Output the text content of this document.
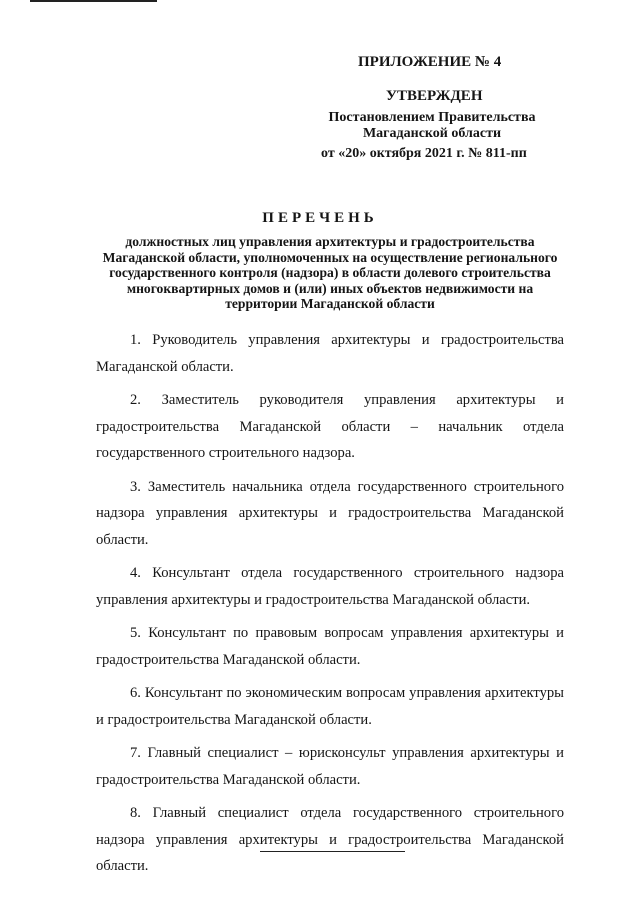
ПРИЛОЖЕНИЕ № 4
УТВЕРЖДЕН
Постановлением Правительства Магаданской области
от «20» октября 2021 г. № 811-пп
ПЕРЕЧЕНЬ
должностных лиц управления архитектуры и градостроительства Магаданской области, уполномоченных на осуществление регионального государственного контроля (надзора) в области долевого строительства многоквартирных домов и (или) иных объектов недвижимости на территории Магаданской области

1. Руководитель управления архитектуры и градостроительства Магаданской области.

2. Заместитель руководителя управления архитектуры и градостроительства Магаданской области – начальник отдела государственного строительного надзора.

3. Заместитель начальника отдела государственного строительного надзора управления архитектуры и градостроительства Магаданской области.

4. Консультант отдела государственного строительного надзора управления архитектуры и градостроительства Магаданской области.

5. Консультант по правовым вопросам управления архитектуры и градостроительства Магаданской области.

6. Консультант по экономическим вопросам управления архитектуры и градостроительства Магаданской области.

7. Главный специалист – юрисконсульт управления архитектуры и градостроительства Магаданской области.

8. Главный специалист отдела государственного строительного надзора управления архитектуры и градостроительства Магаданской области.
